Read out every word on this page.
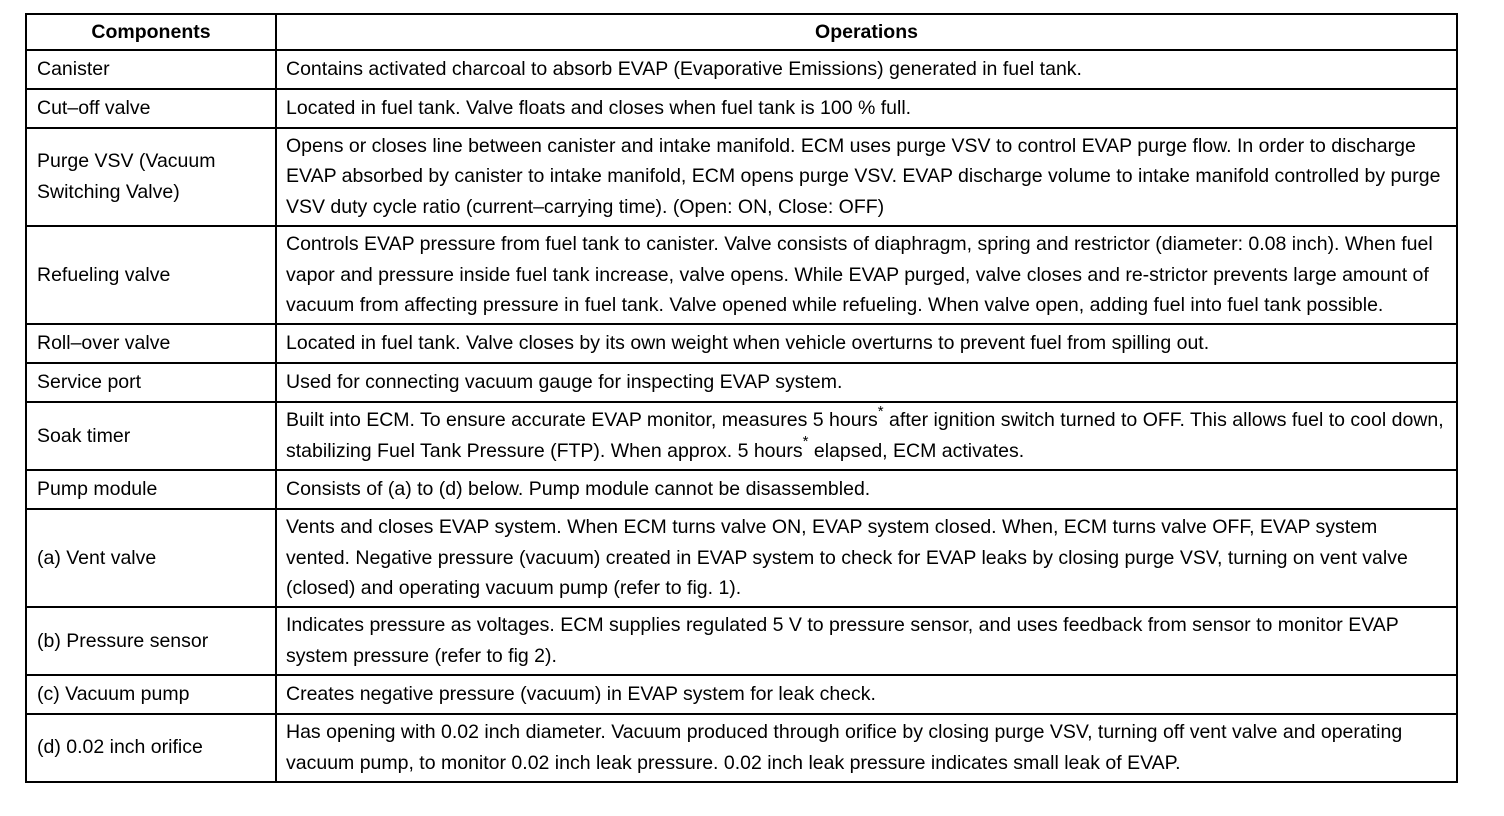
Components	Operations
Canister	Contains activated charcoal to absorb EVAP (Evaporative Emissions) generated in fuel tank.
Cut–off valve	Located in fuel tank. Valve floats and closes when fuel tank is 100 % full.
Purge VSV (Vacuum Switching Valve)	Opens or closes line between canister and intake manifold. ECM uses purge VSV to control EVAP purge flow. In order to discharge EVAP absorbed by canister to intake manifold, ECM opens purge VSV. EVAP discharge volume to intake manifold controlled by purge VSV duty cycle ratio (current–carrying time). (Open: ON, Close: OFF)
Refueling valve	Controls EVAP pressure from fuel tank to canister. Valve consists of diaphragm, spring and restrictor (diameter: 0.08 inch). When fuel vapor and pressure inside fuel tank increase, valve opens. While EVAP purged, valve closes and re-strictor prevents large amount of vacuum from affecting pressure in fuel tank. Valve opened while refueling. When valve open, adding fuel into fuel tank possible.
Roll–over valve	Located in fuel tank. Valve closes by its own weight when vehicle overturns to prevent fuel from spilling out.
Service port	Used for connecting vacuum gauge for inspecting EVAP system.
Soak timer	Built into ECM. To ensure accurate EVAP monitor, measures 5 hours* after ignition switch turned to OFF. This allows fuel to cool down, stabilizing Fuel Tank Pressure (FTP). When approx. 5 hours* elapsed, ECM activates.
Pump module	Consists of (a) to (d) below. Pump module cannot be disassembled.
(a) Vent valve	Vents and closes EVAP system. When ECM turns valve ON, EVAP system closed. When, ECM turns valve OFF, EVAP system vented. Negative pressure (vacuum) created in EVAP system to check for EVAP leaks by closing purge VSV, turning on vent valve (closed) and operating vacuum pump (refer to fig. 1).
(b) Pressure sensor	Indicates pressure as voltages. ECM supplies regulated 5 V to pressure sensor, and uses feedback from sensor to monitor EVAP system pressure (refer to fig 2).
(c) Vacuum pump	Creates negative pressure (vacuum) in EVAP system for leak check.
(d) 0.02 inch orifice	Has opening with 0.02 inch diameter. Vacuum produced through orifice by closing purge VSV, turning off vent valve and operating vacuum pump, to monitor 0.02 inch leak pressure. 0.02 inch leak pressure indicates small leak of EVAP.
